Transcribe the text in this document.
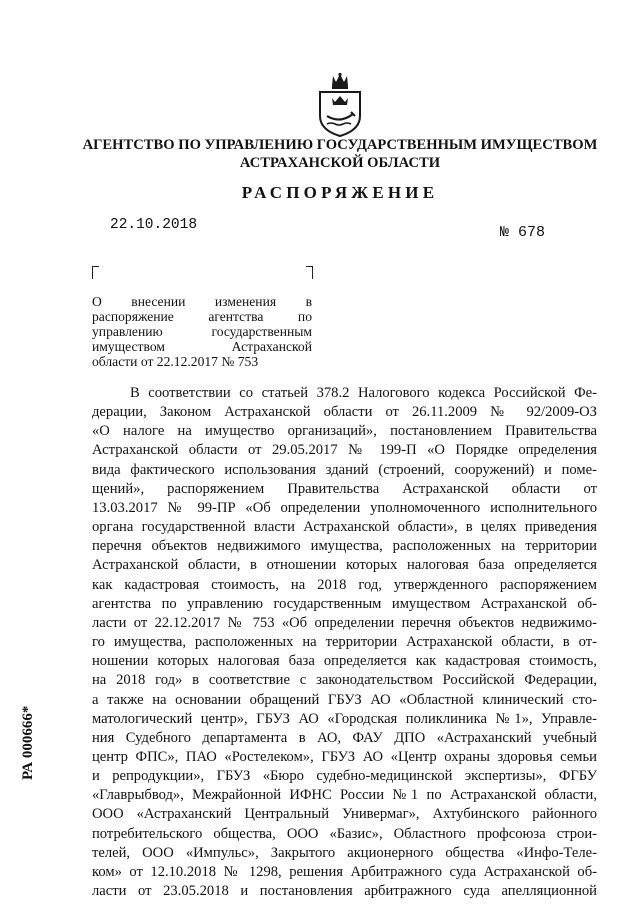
АГЕНТСТВО ПО УПРАВЛЕНИЮ ГОСУДАРСТВЕННЫМ ИМУЩЕСТВОМ
АСТРАХАНСКОЙ ОБЛАСТИ
РАСПОРЯЖЕНИЕ
22.10.2018	№ 678
О внесении изменения в
распоряжение агентства по
управлению государственным
имуществом Астраханской
области от 22.12.2017 № 753
РА 000666*
В соответствии со статьей 378.2 Налогового кодекса Российской Фе-
дерации, Законом Астраханской области от 26.11.2009 № 92/2009-ОЗ
«О налоге на имущество организаций», постановлением Правительства
Астраханской области от 29.05.2017 № 199-П «О Порядке определения
вида фактического использования зданий (строений, сооружений) и поме-
щений», распоряжением Правительства Астраханской области от
13.03.2017 № 99-ПР «Об определении уполномоченного исполнительного
органа государственной власти Астраханской области», в целях приведения
перечня объектов недвижимого имущества, расположенных на территории
Астраханской области, в отношении которых налоговая база определяется
как кадастровая стоимость, на 2018 год, утвержденного распоряжением
агентства по управлению государственным имуществом Астраханской об-
ласти от 22.12.2017 № 753 «Об определении перечня объектов недвижимо-
го имущества, расположенных на территории Астраханской области, в от-
ношении которых налоговая база определяется как кадастровая стоимость,
на 2018 год» в соответствие с законодательством Российской Федерации,
а также на основании обращений ГБУЗ АО «Областной клинический сто-
матологический центр», ГБУЗ АО «Городская поликлиника №1», Управле-
ния Судебного департамента в АО, ФАУ ДПО «Астраханский учебный
центр ФПС», ПАО «Ростелеком», ГБУЗ АО «Центр охраны здоровья семьи
и репродукции», ГБУЗ «Бюро судебно-медицинской экспертизы», ФГБУ
«Главрыбвод», Межрайонной ИФНС России №1 по Астраханской области,
ООО «Астраханский Центральный Универмаг», Ахтубинского районного
потребительского общества, ООО «Базис», Областного профсоюза строи-
телей, ООО «Импульс», Закрытого акционерного общества «Инфо-Теле-
ком» от 12.10.2018 № 1298, решения Арбитражного суда Астраханской об-
ласти от 23.05.2018 и постановления арбитражного суда апелляционной
